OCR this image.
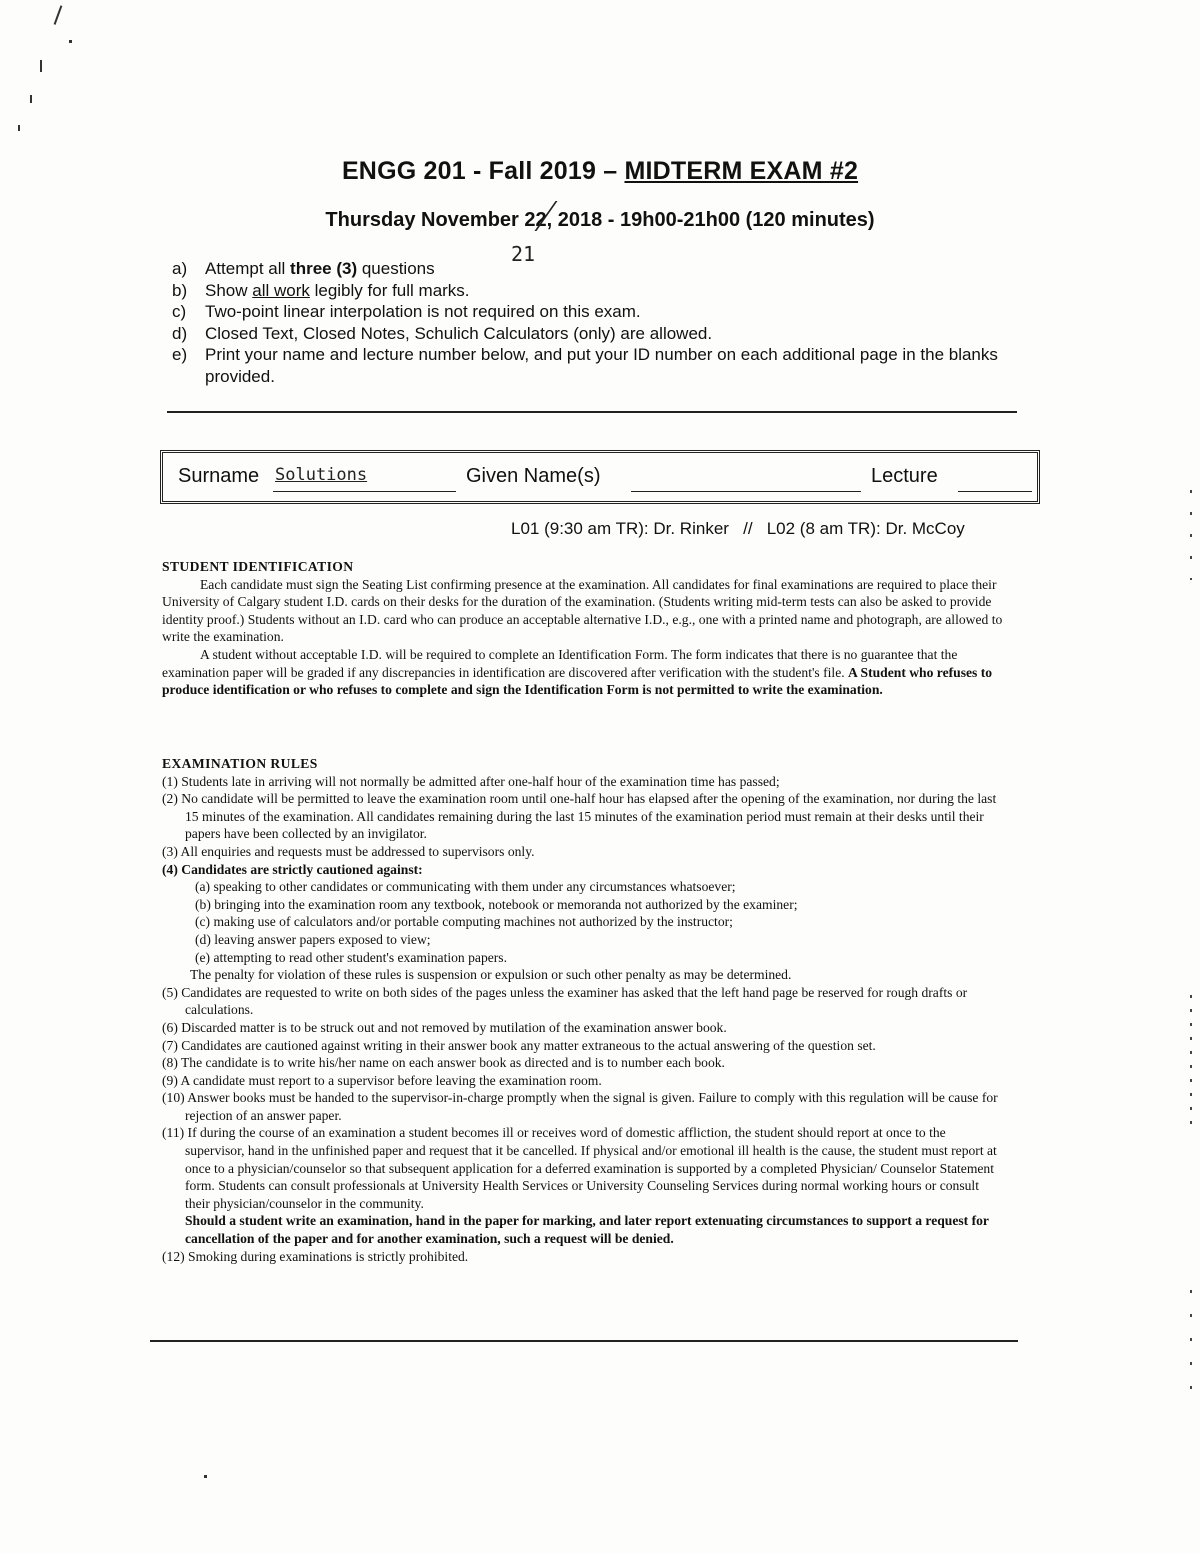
ENGG 201 - Fall 2019 – MIDTERM EXAM #2
Thursday November 22, 2018 - 19h00-21h00 (120 minutes)
21
a)	Attempt all three (3) questions
b)	Show all work legibly for full marks.
c)	Two-point linear interpolation is not required on this exam.
d)	Closed Text, Closed Notes, Schulich Calculators (only) are allowed.
e)	Print your name and lecture number below, and put your ID number on each additional page in the blanks provided.
Surname Solutions	Given Name(s)	Lecture
L01 (9:30 am TR): Dr. Rinker   //   L02 (8 am TR): Dr. McCoy
STUDENT IDENTIFICATION
Each candidate must sign the Seating List confirming presence at the examination. All candidates for final examinations are required to place their University of Calgary student I.D. cards on their desks for the duration of the examination. (Students writing mid-term tests can also be asked to provide identity proof.) Students without an I.D. card who can produce an acceptable alternative I.D., e.g., one with a printed name and photograph, are allowed to write the examination.
A student without acceptable I.D. will be required to complete an Identification Form. The form indicates that there is no guarantee that the examination paper will be graded if any discrepancies in identification are discovered after verification with the student's file. A Student who refuses to produce identification or who refuses to complete and sign the Identification Form is not permitted to write the examination.
EXAMINATION RULES
(1) Students late in arriving will not normally be admitted after one-half hour of the examination time has passed;
(2) No candidate will be permitted to leave the examination room until one-half hour has elapsed after the opening of the examination, nor during the last 15 minutes of the examination. All candidates remaining during the last 15 minutes of the examination period must remain at their desks until their papers have been collected by an invigilator.
(3) All enquiries and requests must be addressed to supervisors only.
(4) Candidates are strictly cautioned against:
(a) speaking to other candidates or communicating with them under any circumstances whatsoever;
(b) bringing into the examination room any textbook, notebook or memoranda not authorized by the examiner;
(c) making use of calculators and/or portable computing machines not authorized by the instructor;
(d) leaving answer papers exposed to view;
(e) attempting to read other student's examination papers.
The penalty for violation of these rules is suspension or expulsion or such other penalty as may be determined.
(5) Candidates are requested to write on both sides of the pages unless the examiner has asked that the left hand page be reserved for rough drafts or calculations.
(6) Discarded matter is to be struck out and not removed by mutilation of the examination answer book.
(7) Candidates are cautioned against writing in their answer book any matter extraneous to the actual answering of the question set.
(8) The candidate is to write his/her name on each answer book as directed and is to number each book.
(9) A candidate must report to a supervisor before leaving the examination room.
(10) Answer books must be handed to the supervisor-in-charge promptly when the signal is given. Failure to comply with this regulation will be cause for rejection of an answer paper.
(11) If during the course of an examination a student becomes ill or receives word of domestic affliction, the student should report at once to the supervisor, hand in the unfinished paper and request that it be cancelled. If physical and/or emotional ill health is the cause, the student must report at once to a physician/counselor so that subsequent application for a deferred examination is supported by a completed Physician/ Counselor Statement form. Students can consult professionals at University Health Services or University Counseling Services during normal working hours or consult their physician/counselor in the community.
Should a student write an examination, hand in the paper for marking, and later report extenuating circumstances to support a request for cancellation of the paper and for another examination, such a request will be denied.
(12) Smoking during examinations is strictly prohibited.
